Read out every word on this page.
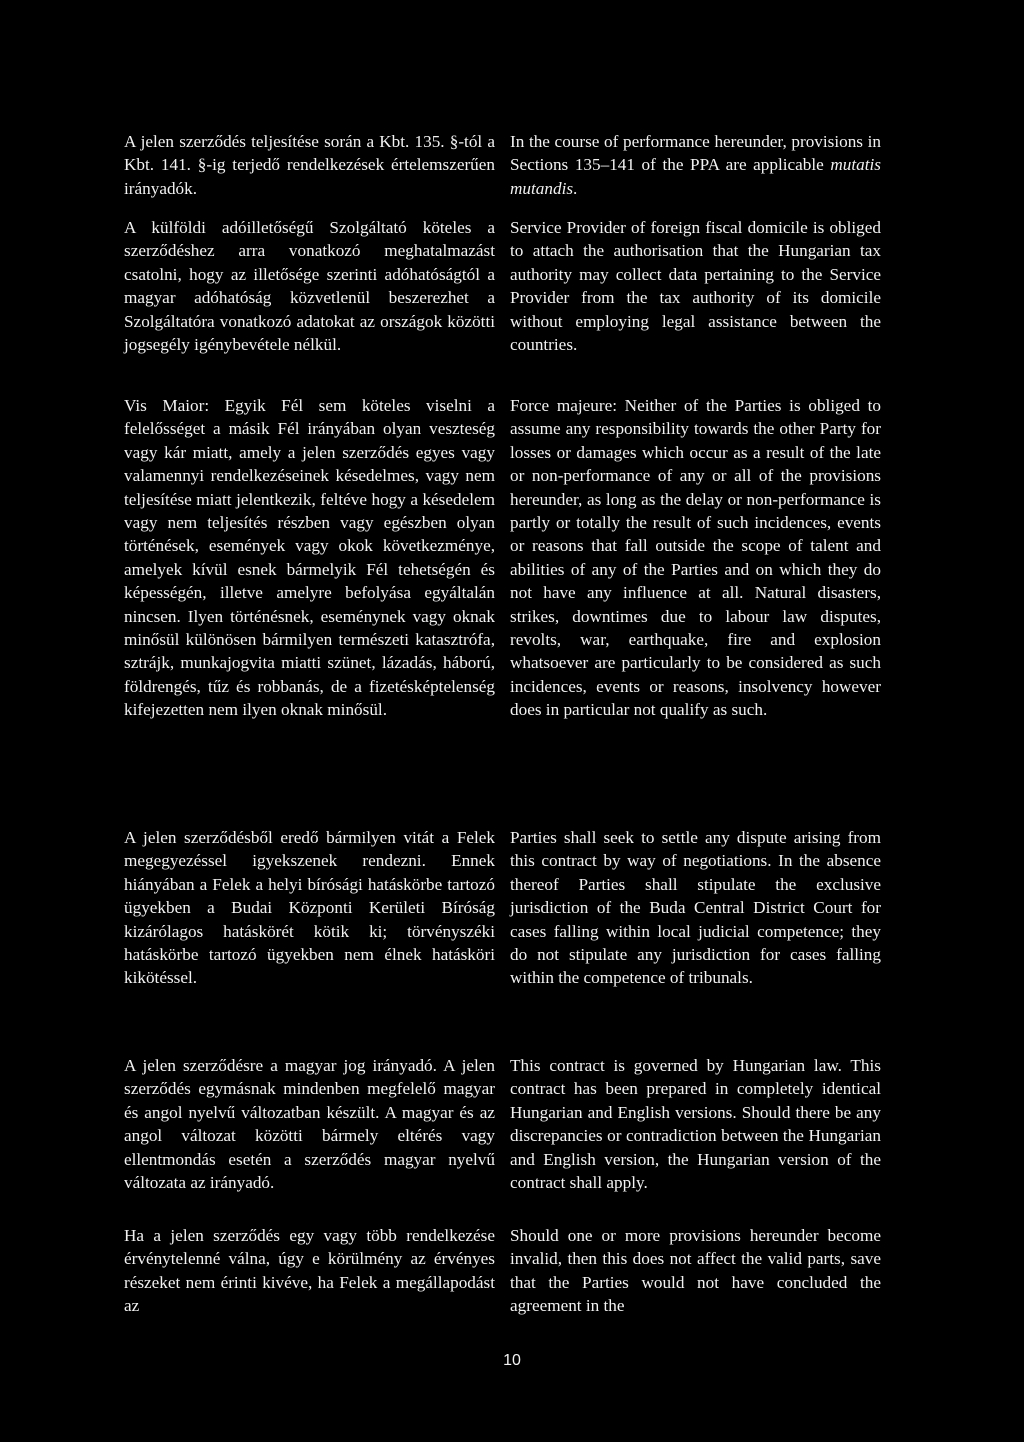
A jelen szerződés teljesítése során a Kbt. 135. §-tól a Kbt. 141. §-ig terjedő rendelkezések értelemszerűen irányadók.

In the course of performance hereunder, provisions in Sections 135–141 of the PPA are applicable mutatis mutandis.

A külföldi adóilletőségű Szolgáltató köteles a szerződéshez arra vonatkozó meghatalmazást csatolni, hogy az illetősége szerinti adóhatóságtól a magyar adóhatóság közvetlenül beszerezhet a Szolgáltatóra vonatkozó adatokat az országok közötti jogsegély igénybevétele nélkül.

Service Provider of foreign fiscal domicile is obliged to attach the authorisation that the Hungarian tax authority may collect data pertaining to the Service Provider from the tax authority of its domicile without employing legal assistance between the countries.

Vis Maior: Egyik Fél sem köteles viselni a felelősséget a másik Fél irányában olyan veszteség vagy kár miatt, amely a jelen szerződés egyes vagy valamennyi rendelkezéseinek késedelmes, vagy nem teljesítése miatt jelentkezik, feltéve hogy a késedelem vagy nem teljesítés részben vagy egészben olyan történések, események vagy okok következménye, amelyek kívül esnek bármelyik Fél tehetségén és képességén, illetve amelyre befolyása egyáltalán nincsen. Ilyen történésnek, eseménynek vagy oknak minősül különösen bármilyen természeti katasztrófa, sztrájk, munkajogvita miatti szünet, lázadás, háború, földrengés, tűz és robbanás, de a fizetésképtelenség kifejezetten nem ilyen oknak minősül.

Force majeure: Neither of the Parties is obliged to assume any responsibility towards the other Party for losses or damages which occur as a result of the late or non-performance of any or all of the provisions hereunder, as long as the delay or non-performance is partly or totally the result of such incidences, events or reasons that fall outside the scope of talent and abilities of any of the Parties and on which they do not have any influence at all. Natural disasters, strikes, downtimes due to labour law disputes, revolts, war, earthquake, fire and explosion whatsoever are particularly to be considered as such incidences, events or reasons, insolvency however does in particular not qualify as such.

A jelen szerződésből eredő bármilyen vitát a Felek megegyezéssel igyekszenek rendezni. Ennek hiányában a Felek a helyi bírósági hatáskörbe tartozó ügyekben a Budai Központi Kerületi Bíróság kizárólagos hatáskörét kötik ki; törvényszéki hatáskörbe tartozó ügyekben nem élnek hatásköri kikötéssel.

Parties shall seek to settle any dispute arising from this contract by way of negotiations. In the absence thereof Parties shall stipulate the exclusive jurisdiction of the Buda Central District Court for cases falling within local judicial competence; they do not stipulate any jurisdiction for cases falling within the competence of tribunals.

A jelen szerződésre a magyar jog irányadó. A jelen szerződés egymásnak mindenben megfelelő magyar és angol nyelvű változatban készült. A magyar és az angol változat közötti bármely eltérés vagy ellentmondás esetén a szerződés magyar nyelvű változata az irányadó.

This contract is governed by Hungarian law. This contract has been prepared in completely identical Hungarian and English versions. Should there be any discrepancies or contradiction between the Hungarian and English version, the Hungarian version of the contract shall apply.

Ha a jelen szerződés egy vagy több rendelkezése érvénytelenné válna, úgy e körülmény az érvényes részeket nem érinti kivéve, ha Felek a megállapodást az

Should one or more provisions hereunder become invalid, then this does not affect the valid parts, save that the Parties would not have concluded the agreement in the

10
